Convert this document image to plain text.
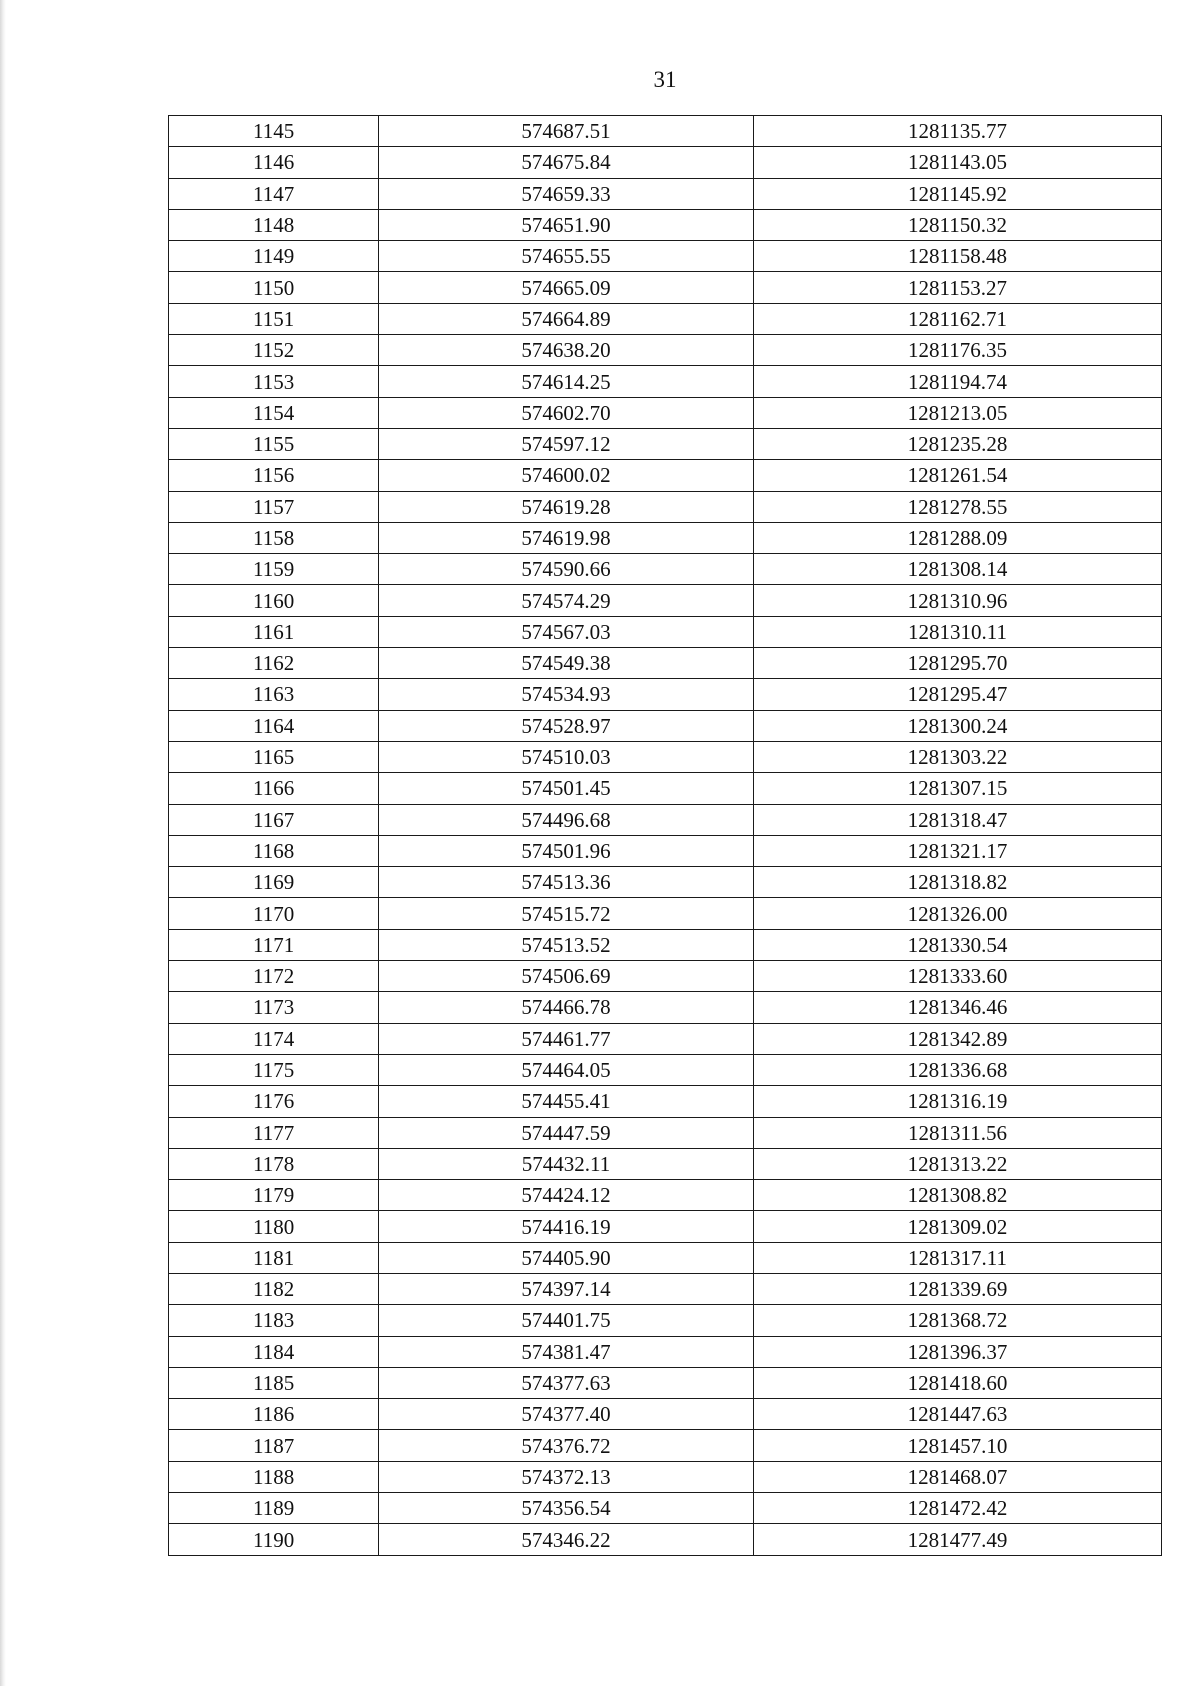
31
1145	574687.51	1281135.77
1146	574675.84	1281143.05
1147	574659.33	1281145.92
1148	574651.90	1281150.32
1149	574655.55	1281158.48
1150	574665.09	1281153.27
1151	574664.89	1281162.71
1152	574638.20	1281176.35
1153	574614.25	1281194.74
1154	574602.70	1281213.05
1155	574597.12	1281235.28
1156	574600.02	1281261.54
1157	574619.28	1281278.55
1158	574619.98	1281288.09
1159	574590.66	1281308.14
1160	574574.29	1281310.96
1161	574567.03	1281310.11
1162	574549.38	1281295.70
1163	574534.93	1281295.47
1164	574528.97	1281300.24
1165	574510.03	1281303.22
1166	574501.45	1281307.15
1167	574496.68	1281318.47
1168	574501.96	1281321.17
1169	574513.36	1281318.82
1170	574515.72	1281326.00
1171	574513.52	1281330.54
1172	574506.69	1281333.60
1173	574466.78	1281346.46
1174	574461.77	1281342.89
1175	574464.05	1281336.68
1176	574455.41	1281316.19
1177	574447.59	1281311.56
1178	574432.11	1281313.22
1179	574424.12	1281308.82
1180	574416.19	1281309.02
1181	574405.90	1281317.11
1182	574397.14	1281339.69
1183	574401.75	1281368.72
1184	574381.47	1281396.37
1185	574377.63	1281418.60
1186	574377.40	1281447.63
1187	574376.72	1281457.10
1188	574372.13	1281468.07
1189	574356.54	1281472.42
1190	574346.22	1281477.49
